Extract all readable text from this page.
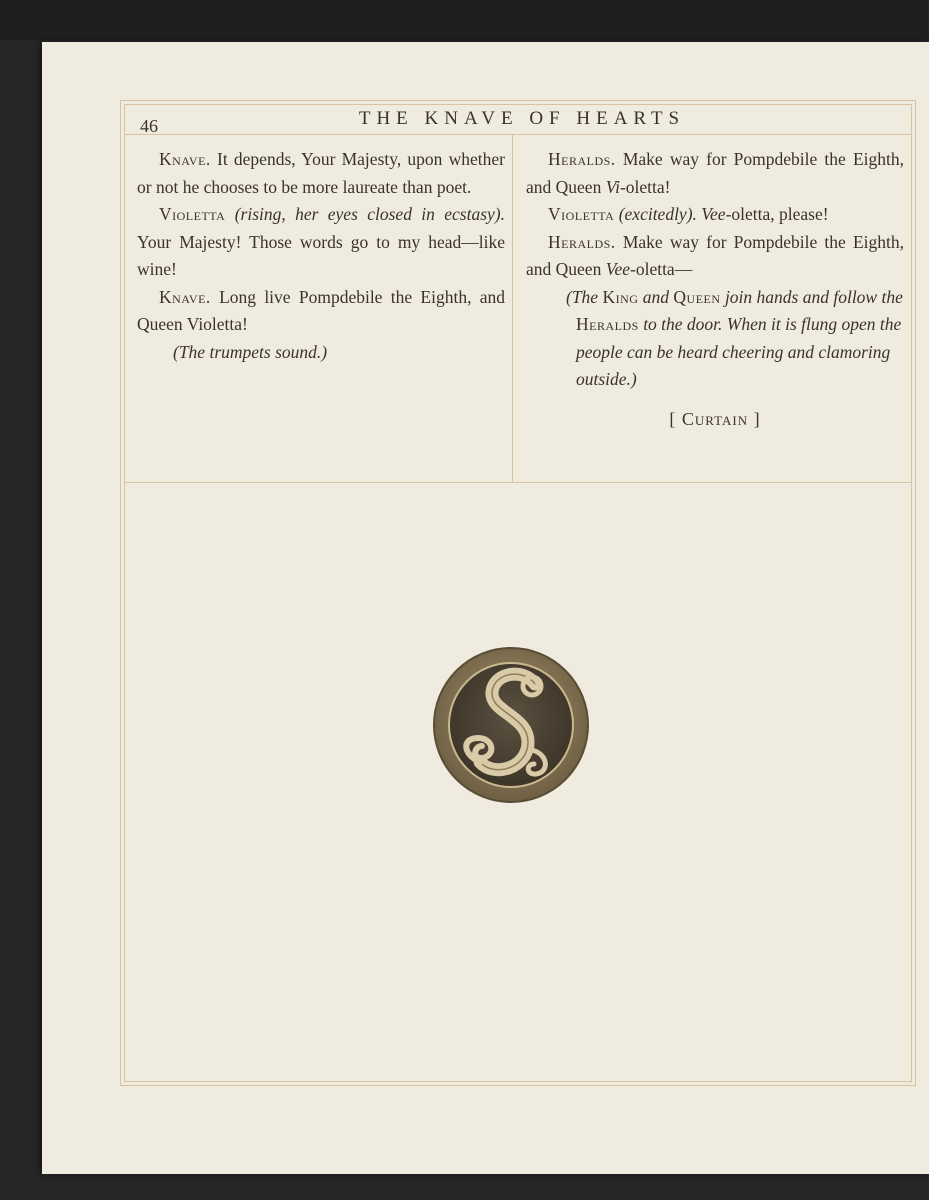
46	THE KNAVE OF HEARTS

Knave. It depends, Your Majesty, upon whether or not he chooses to be more laureate than poet.

Violetta (rising, her eyes closed in ecstasy). Your Majesty! Those words go to my head—like wine!

Knave. Long live Pompdebile the Eighth, and Queen Violetta!

(The trumpets sound.)

Heralds. Make way for Pompdebile the Eighth, and Queen Vi-oletta!

Violetta (excitedly). Vee-oletta, please!

Heralds. Make way for Pompdebile the Eighth, and Queen Vee-oletta—

(The King and Queen join hands and follow the Heralds to the door. When it is flung open the people can be heard cheering and clamoring outside.)

[ Curtain ]
